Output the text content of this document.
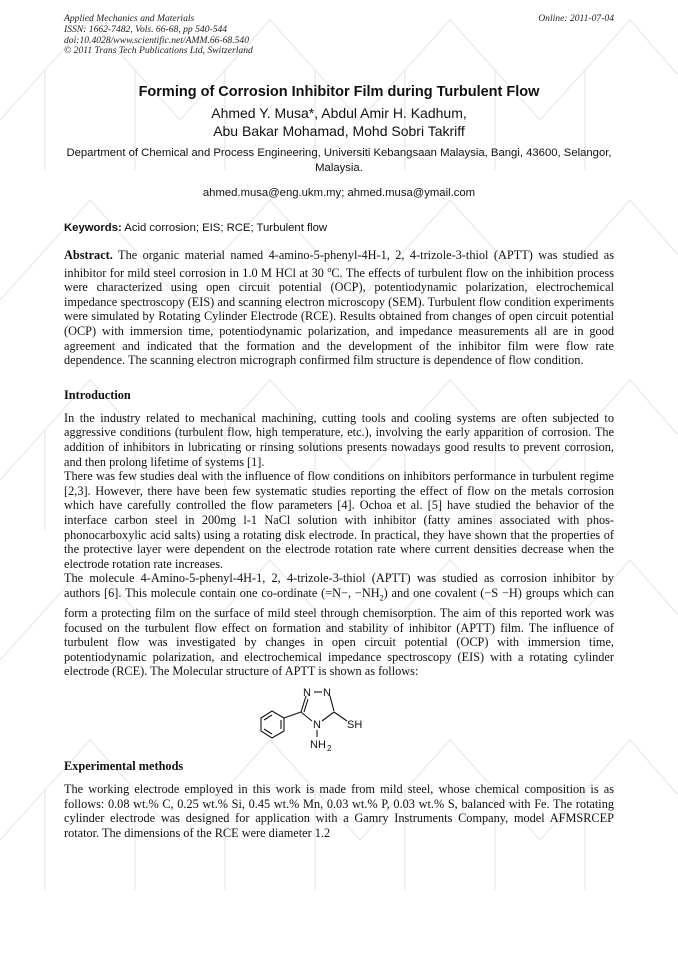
Applied Mechanics and Materials
ISSN: 1662-7482, Vols. 66-68, pp 540-544
doi:10.4028/www.scientific.net/AMM.66-68.540
© 2011 Trans Tech Publications Ltd, Switzerland
Online: 2011-07-04
Forming of Corrosion Inhibitor Film during Turbulent Flow
Ahmed Y. Musa*, Abdul Amir H. Kadhum,
Abu Bakar Mohamad, Mohd Sobri Takriff
Department of Chemical and Process Engineering, Universiti Kebangsaan Malaysia, Bangi, 43600, Selangor, Malaysia.
ahmed.musa@eng.ukm.my; ahmed.musa@ymail.com
Keywords: Acid corrosion; EIS; RCE; Turbulent flow

Abstract. The organic material named 4-amino-5-phenyl-4H-1, 2, 4-trizole-3-thiol (APTT) was studied as inhibitor for mild steel corrosion in 1.0 M HCl at 30 $^o$C. The effects of turbulent flow on the inhibition process were characterized using open circuit potential (OCP), potentiodynamic polarization, electrochemical impedance spectroscopy (EIS) and scanning electron microscopy (SEM). Turbulent flow condition experiments were simulated by Rotating Cylinder Electrode (RCE). Results obtained from changes of open circuit potential (OCP) with immersion time, potentiodynamic polarization, and impedance measurements all are in good agreement and indicated that the formation and the development of the inhibitor film were flow rate dependence. The scanning electron micrograph confirmed film structure is dependence of flow condition.

Introduction

In the industry related to mechanical machining, cutting tools and cooling systems are often subjected to aggressive conditions (turbulent flow, high temperature, etc.), involving the early apparition of corrosion. The addition of inhibitors in lubricating or rinsing solutions presents nowadays good results to prevent corrosion, and then prolong lifetime of systems [1].

There was few studies deal with the influence of flow conditions on inhibitors performance in turbulent regime [2,3]. However, there have been few systematic studies reporting the effect of flow on the metals corrosion which have carefully controlled the flow parameters [4]. Ochoa et al. [5] have studied the behavior of the interface carbon steel in 200mg l-1 NaCl solution with inhibitor (fatty amines associated with phos-phonocarboxylic acid salts) using a rotating disk electrode. In practical, they have shown that the properties of the protective layer were dependent on the electrode rotation rate where current densities decrease when the electrode rotation rate increases.

The molecule 4-Amino-5-phenyl-4H-1, 2, 4-trizole-3-thiol (APTT) was studied as corrosion inhibitor by authors [6]. This molecule contain one co-ordinate (=N−, $-NH_2$) and one covalent (−S −H) groups which can form a protecting film on the surface of mild steel through chemisorption. The aim of this reported work was focused on the turbulent flow effect on formation and stability of inhibitor (APTT) film. The influence of turbulent flow was investigated by changes in open circuit potential (OCP) with immersion time, potentiodynamic polarization, and electrochemical impedance spectroscopy (EIS) with a rotating cylinder electrode (RCE). The Molecular structure of APTT is shown as follows:

N N
N SH
NH 2
Experimental methods

The working electrode employed in this work is made from mild steel, whose chemical composition is as follows: 0.08 wt.% C, 0.25 wt.% Si, 0.45 wt.% Mn, 0.03 wt.% P, 0.03 wt.% S, balanced with Fe. The rotating cylinder electrode was designed for application with a Gamry Instruments Company, model AFMSRCEP rotator. The dimensions of the RCE were diameter 1.2
